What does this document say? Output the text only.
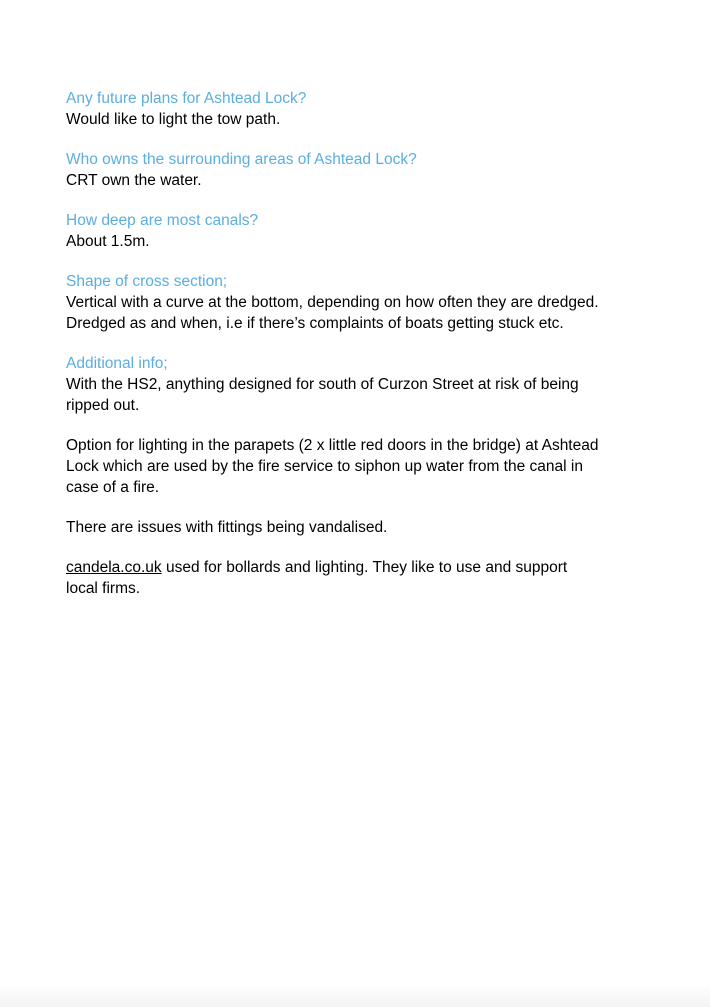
Any future plans for Ashtead Lock?

Would like to light the tow path.

Who owns the surrounding areas of Ashtead Lock?

CRT own the water.

How deep are most canals?

About 1.5m.

Shape of cross section;

Vertical with a curve at the bottom, depending on how often they are dredged.

Dredged as and when, i.e if there’s complaints of boats getting stuck etc.

Additional info;

With the HS2, anything designed for south of Curzon Street at risk of being

ripped out.

Option for lighting in the parapets (2 x little red doors in the bridge) at Ashtead

Lock which are used by the fire service to siphon up water from the canal in

case of a fire.

There are issues with fittings being vandalised.

candela.co.uk used for bollards and lighting. They like to use and support

local firms.
